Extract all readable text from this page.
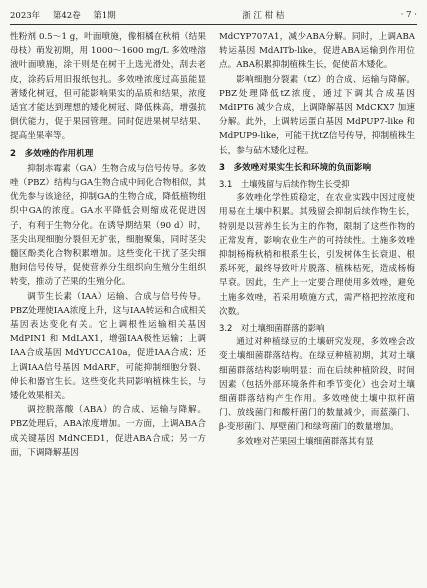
2023年 第42卷 第1期	浙 江 柑 桔	· 7 ·

性粉剂 0.5～1 g，叶面喷施，像相橘在秋梢（结果母枝）萌发初期，用 1000～1600 mg/L 多效唑溶液叶面喷施，涂干则是在树干上选光滑处，刮去老皮，涂药后用旧报纸包扎。多效唑浓度过高虽能显著矮化树冠，但可能影响果实的品质和结果，浓度适宜才能达到理想的矮化树冠、降低株高，增强抗倒伏能力，促于果园管理。同时促进果树早结果、提高坐果率等。

2　多效唑的作用机理

抑制赤霉素（GA）生物合成与信号传导。多效唑（PBZ）结构与GA生物合成中间化合物相似，其优先参与该途径，抑制GA的生物合成，降低植物组织中GA的浓度。GA水平降低会则缩成花促进因子，有利于生物分化。在诱导期结果（90 d）时，茎尖出现细胞分裂但无扩张，细胞聚集，同时茎尖髓区酚类化合物积累增加。这些变化干扰了茎尖细胞间信号传导，促使营养分生组织向生殖分生组织转变，推动了芒果的生殖分化。

调节生长素（IAA）运输、合成与信号传导。PBZ处理使IAA浓度上升，这与IAA转运和合成相关基因表达变化有关。它上调根性运输相关基因 MdPIN1 和 MdLAX1，增强IAA极性运输；上调IAA合成基因 MdYUCCA10a，促进IAA合成；还上调IAA信号基因 MdARF，可能抑制细胞分裂、伸长和器官生长。这些变化共同影响植株生长，与矮化效果相关。

调控脱落酸（ABA）的合成、运输与降解。PBZ处理后，ABA浓度增加。一方面，上调ABA合成关键基因 MdNCED1，促进ABA合成；另一方面，下调降解基因

MdCYP707A1，减少ABA分解。同时，上调ABA转运基因 MdAITb-like，促进ABA运输到作用位点。ABA积累抑制植株生长，促使苗木矮化。

影响细胞分裂素（tZ）的合成、运输与降解。PBZ处理降低tZ浓度，通过下调其合成基因 MdIPT6 减少合成，上调降解基因 MdCKX7 加速分解。此外，上调转运蛋白基因 MdPUP7-like 和 MdPUP9-like，可能干扰tZ信号传导，抑制植株生长，参与砧木矮化过程。

3　多效唑对果实生长和环境的负面影响
3.1　土壤残留与后续作物生长受抑

多效唑化学性质稳定，在农业实践中因过度使用易在土壤中积累。其残留会抑制后续作物生长，特别是以营养生长为主的作物，限制了这些作物的正常发育，影响农业生产的可持续性。土施多效唑抑制杨梅秋梢和根系生长，引发树体生长衰退、根系坏死，最终导致叶片脱落、植株枯死，造成杨梅早衰。因此，生产上一定要合理使用多效唑，避免土施多效唑，若采用喷施方式，需严格把控浓度和次数。

3.2　对土壤细菌群落的影响

通过对种植绿豆的土壤研究发现，多效唑会改变土壤细菌群落结构。在绿豆种植初期，其对土壤细菌群落结构影响明显：而在后续种植阶段，时间因素（包括外部环境条件和季节变化）也会对土壤细菌群落结构产生作用。多效唑使土壤中拟杆菌门、放线菌门和酸杆菌门的数量减少，而蓝藻门、β-变形菌门、厚壁菌门和绿弯菌门的数量增加。

多效唑对芒果园土壤细菌群落其有显
